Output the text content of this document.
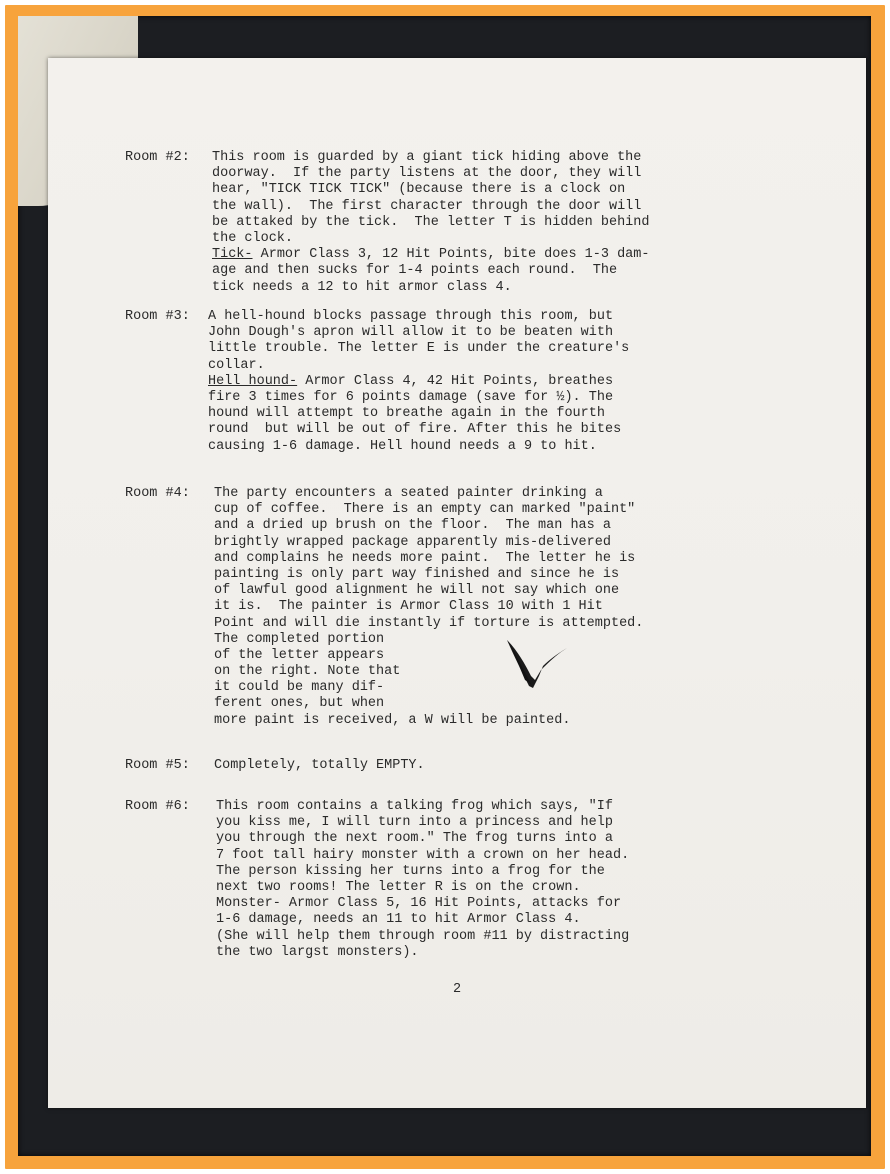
Room #2: This room is guarded by a giant tick hiding above the
doorway.  If the party listens at the door, they will
hear, "TICK TICK TICK" (because there is a clock on
the wall).  The first character through the door will
be attaked by the tick.  The letter T is hidden behind
the clock.
Tick- Armor Class 3, 12 Hit Points, bite does 1-3 dam-
age and then sucks for 1-4 points each round.  The
tick needs a 12 to hit armor class 4.
Room #3: A hell-hound blocks passage through this room, but
John Dough's apron will allow it to be beaten with
little trouble. The letter E is under the creature's
collar.
Hell hound- Armor Class 4, 42 Hit Points, breathes
fire 3 times for 6 points damage (save for ½). The
hound will attempt to breathe again in the fourth
round  but will be out of fire. After this he bites
causing 1-6 damage. Hell hound needs a 9 to hit.
Room #4: The party encounters a seated painter drinking a
cup of coffee.  There is an empty can marked "paint"
and a dried up brush on the floor.  The man has a
brightly wrapped package apparently mis-delivered
and complains he needs more paint.  The letter he is
painting is only part way finished and since he is
of lawful good alignment he will not say which one
it is.  The painter is Armor Class 10 with 1 Hit
Point and will die instantly if torture is attempted.
The completed portion
of the letter appears
on the right. Note that
it could be many dif-
ferent ones, but when
more paint is received, a W will be painted.
Room #5: Completely, totally EMPTY.
Room #6: This room contains a talking frog which says, "If
you kiss me, I will turn into a princess and help
you through the next room." The frog turns into a
7 foot tall hairy monster with a crown on her head.
The person kissing her turns into a frog for the
next two rooms! The letter R is on the crown.
Monster- Armor Class 5, 16 Hit Points, attacks for
1-6 damage, needs an 11 to hit Armor Class 4.
(She will help them through room #11 by distracting
the two largst monsters).
2
